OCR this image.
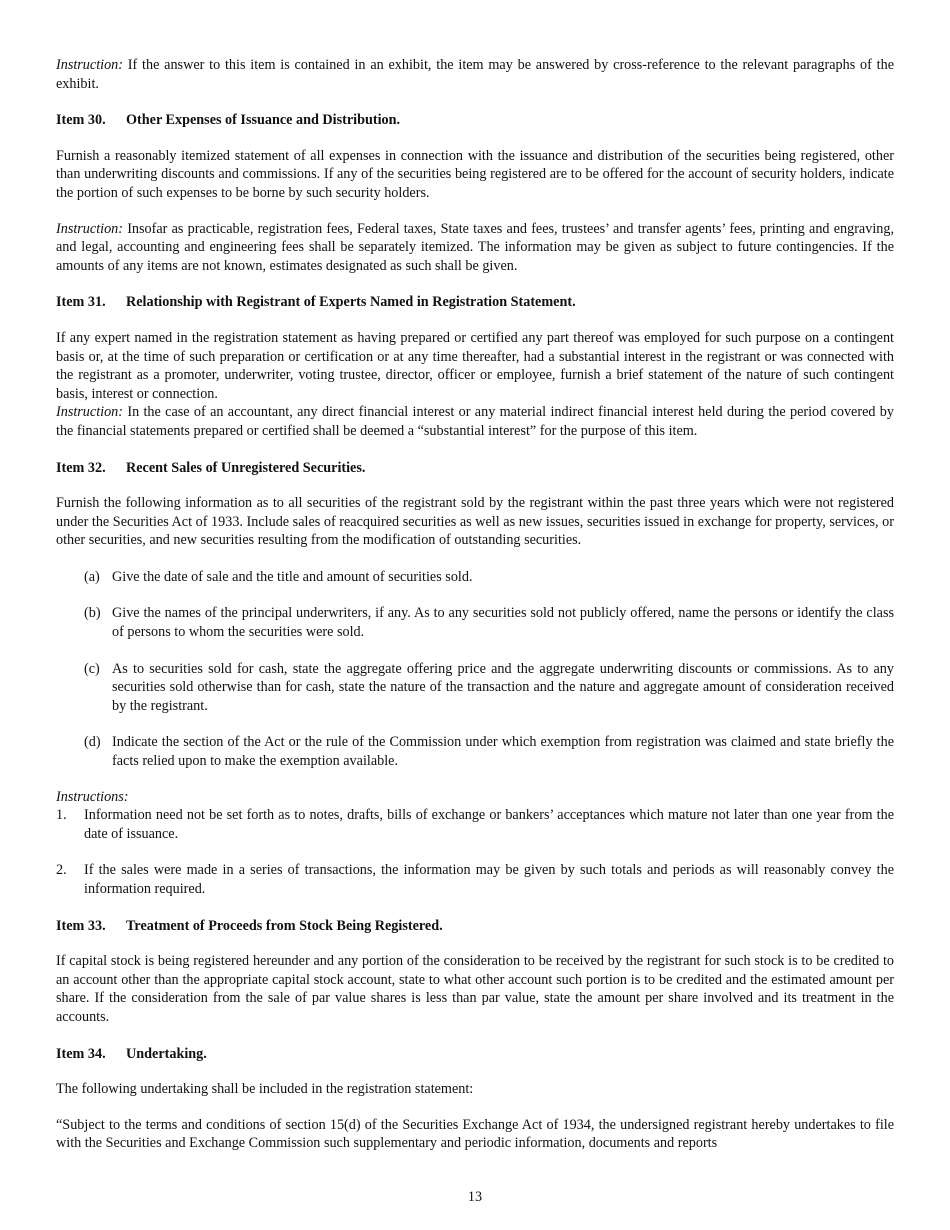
Instruction: If the answer to this item is contained in an exhibit, the item may be answered by cross-reference to the relevant paragraphs of the exhibit.

Item 30. Other Expenses of Issuance and Distribution.

Furnish a reasonably itemized statement of all expenses in connection with the issuance and distribution of the securities being registered, other than underwriting discounts and commissions. If any of the securities being registered are to be offered for the account of security holders, indicate the portion of such expenses to be borne by such security holders.

Instruction: Insofar as practicable, registration fees, Federal taxes, State taxes and fees, trustees’ and transfer agents’ fees, printing and engraving, and legal, accounting and engineering fees shall be separately itemized. The information may be given as subject to future contingencies. If the amounts of any items are not known, estimates designated as such shall be given.

Item 31. Relationship with Registrant of Experts Named in Registration Statement.

If any expert named in the registration statement as having prepared or certified any part thereof was employed for such purpose on a contingent basis or, at the time of such preparation or certification or at any time thereafter, had a substantial interest in the registrant or was connected with the registrant as a promoter, underwriter, voting trustee, director, officer or employee, furnish a brief statement of the nature of such contingent basis, interest or connection.

Instruction: In the case of an accountant, any direct financial interest or any material indirect financial interest held during the period covered by the financial statements prepared or certified shall be deemed a “substantial interest” for the purpose of this item.

Item 32. Recent Sales of Unregistered Securities.

Furnish the following information as to all securities of the registrant sold by the registrant within the past three years which were not registered under the Securities Act of 1933. Include sales of reacquired securities as well as new issues, securities issued in exchange for property, services, or other securities, and new securities resulting from the modification of outstanding securities.

(a) Give the date of sale and the title and amount of securities sold.
(b) Give the names of the principal underwriters, if any. As to any securities sold not publicly offered, name the persons or identify the class of persons to whom the securities were sold.
(c) As to securities sold for cash, state the aggregate offering price and the aggregate underwriting discounts or commissions. As to any securities sold otherwise than for cash, state the nature of the transaction and the nature and aggregate amount of consideration received by the registrant.
(d) Indicate the section of the Act or the rule of the Commission under which exemption from registration was claimed and state briefly the facts relied upon to make the exemption available.

Instructions:

1. Information need not be set forth as to notes, drafts, bills of exchange or bankers’ acceptances which mature not later than one year from the date of issuance.
2. If the sales were made in a series of transactions, the information may be given by such totals and periods as will reasonably convey the information required.
Item 33. Treatment of Proceeds from Stock Being Registered.

If capital stock is being registered hereunder and any portion of the consideration to be received by the registrant for such stock is to be credited to an account other than the appropriate capital stock account, state to what other account such portion is to be credited and the estimated amount per share. If the consideration from the sale of par value shares is less than par value, state the amount per share involved and its treatment in the accounts.

Item 34. Undertaking.

The following undertaking shall be included in the registration statement:

“Subject to the terms and conditions of section 15(d) of the Securities Exchange Act of 1934, the undersigned registrant hereby undertakes to file with the Securities and Exchange Commission such supplementary and periodic information, documents and reports

13
